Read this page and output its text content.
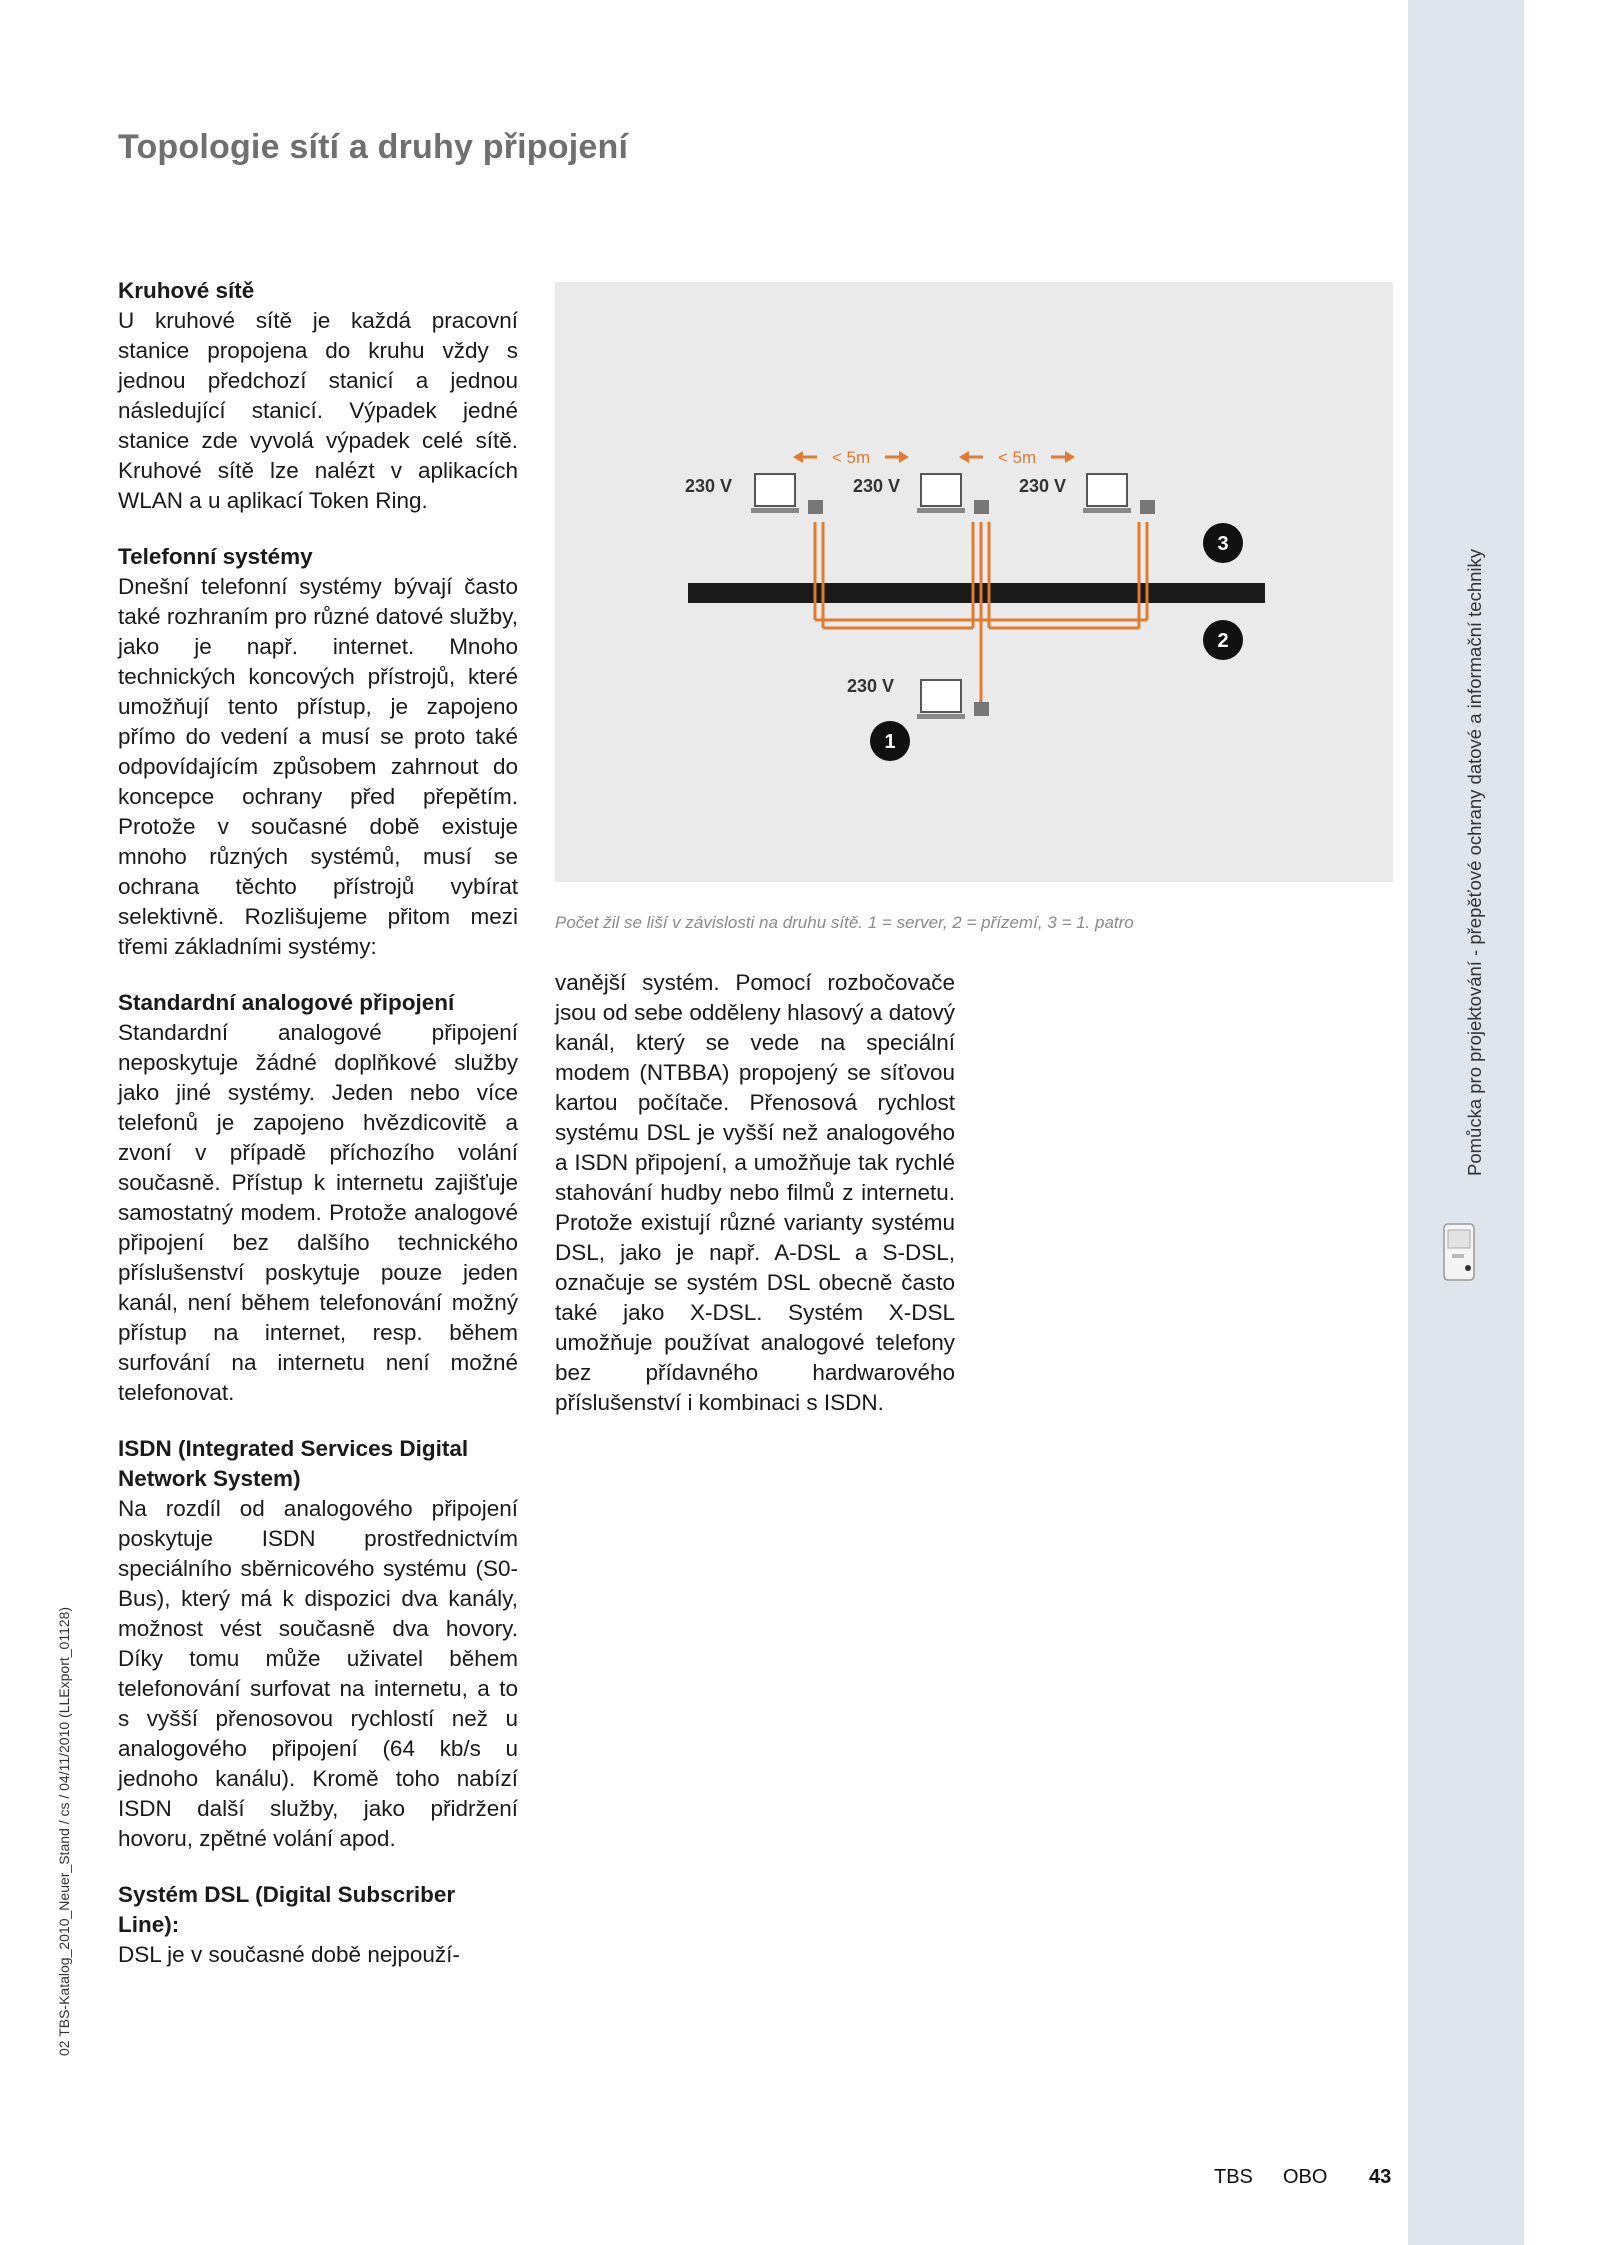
Topologie sítí a druhy připojení
Kruhové sítě

U kruhové sítě je každá pracovní stanice propojena do kruhu vždy s jednou předchozí stanicí a jednou následující stanicí. Výpadek jedné stanice zde vyvolá výpadek celé sítě. Kruhové sítě lze nalézt v aplikacích WLAN a u aplikací Token Ring.

Telefonní systémy

Dnešní telefonní systémy bývají často také rozhraním pro různé datové služby, jako je např. internet. Mnoho technických koncových přístrojů, které umožňují tento přístup, je zapojeno přímo do vedení a musí se proto také odpovídajícím způsobem zahrnout do koncepce ochrany před přepětím. Protože v současné době existuje mnoho různých systémů, musí se ochrana těchto přístrojů vybírat selektivně. Rozlišujeme přitom mezi třemi základními systémy:

Standardní analogové připojení

Standardní analogové připojení neposkytuje žádné doplňkové služby jako jiné systémy. Jeden nebo více telefonů je zapojeno hvězdicovitě a zvoní v případě příchozího volání současně. Přístup k internetu zajišťuje samostatný modem. Protože analogové připojení bez dalšího technického příslušenství poskytuje pouze jeden kanál, není během telefonování možný přístup na internet, resp. během surfování na internetu není možné telefonovat.

ISDN (Integrated Services Digital Network System)

Na rozdíl od analogového připojení poskytuje ISDN prostřednictvím speciálního sběrnicového systému (S0-Bus), který má k dispozici dva kanály, možnost vést současně dva hovory. Díky tomu může uživatel během telefonování surfovat na internetu, a to s vyšší přenosovou rychlostí než u analogového připojení (64 kb/s u jednoho kanálu). Kromě toho nabízí ISDN další služby, jako přidržení hovoru, zpětné volání apod.

Systém DSL (Digital Subscriber Line):

DSL je v současné době nejpouží-

< 5m	< 5m
230 V	230 V	230 V
230 V
1
2
3

Počet žil se liší v závislosti na druhu sítě. 1 = server, 2 = přízemí, 3 = 1. patro

vanější systém. Pomocí rozbočovače jsou od sebe odděleny hlasový a datový kanál, který se vede na speciální modem (NTBBA) propojený se síťovou kartou počítače. Přenosová rychlost systému DSL je vyšší než analogového a ISDN připojení, a umožňuje tak rychlé stahování hudby nebo filmů z internetu. Protože existují různé varianty systému DSL, jako je např. A-DSL a S-DSL, označuje se systém DSL obecně často také jako X-DSL. Systém X-DSL umožňuje používat analogové telefony bez přídavného hardwarového příslušenství i kombinaci s ISDN.

Pomůcka pro projektování - přepěťové ochrany datové a informační techniky
02 TBS-Katalog_2010_Neuer_Stand / cs / 04/11/2010 (LLExport_01128)
TBS OBO 43
